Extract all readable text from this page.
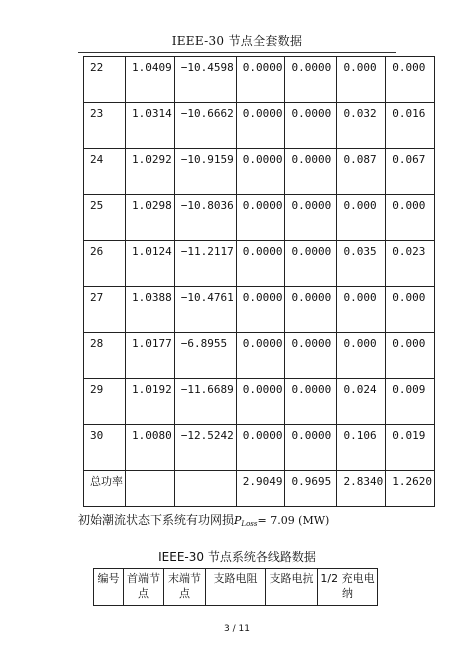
IEEE-30 节点全套数据
22	1.0409	−10.4598	0.0000	0.0000	0.000	0.000
23	1.0314	−10.6662	0.0000	0.0000	0.032	0.016
24	1.0292	−10.9159	0.0000	0.0000	0.087	0.067
25	1.0298	−10.8036	0.0000	0.0000	0.000	0.000
26	1.0124	−11.2117	0.0000	0.0000	0.035	0.023
27	1.0388	−10.4761	0.0000	0.0000	0.000	0.000
28	1.0177	−6.8955	0.0000	0.0000	0.000	0.000
29	1.0192	−11.6689	0.0000	0.0000	0.024	0.009
30	1.0080	−12.5242	0.0000	0.0000	0.106	0.019
总功率			2.9049	0.9695	2.8340	1.2620
初始潮流状态下系统有功网损$P_{Loss}= 7.09$ (MW)
IEEE-30 节点系统各线路数据
编号	首端节点	末端节点	支路电阻	支路电抗	1/2 充电电纳
3 / 11
